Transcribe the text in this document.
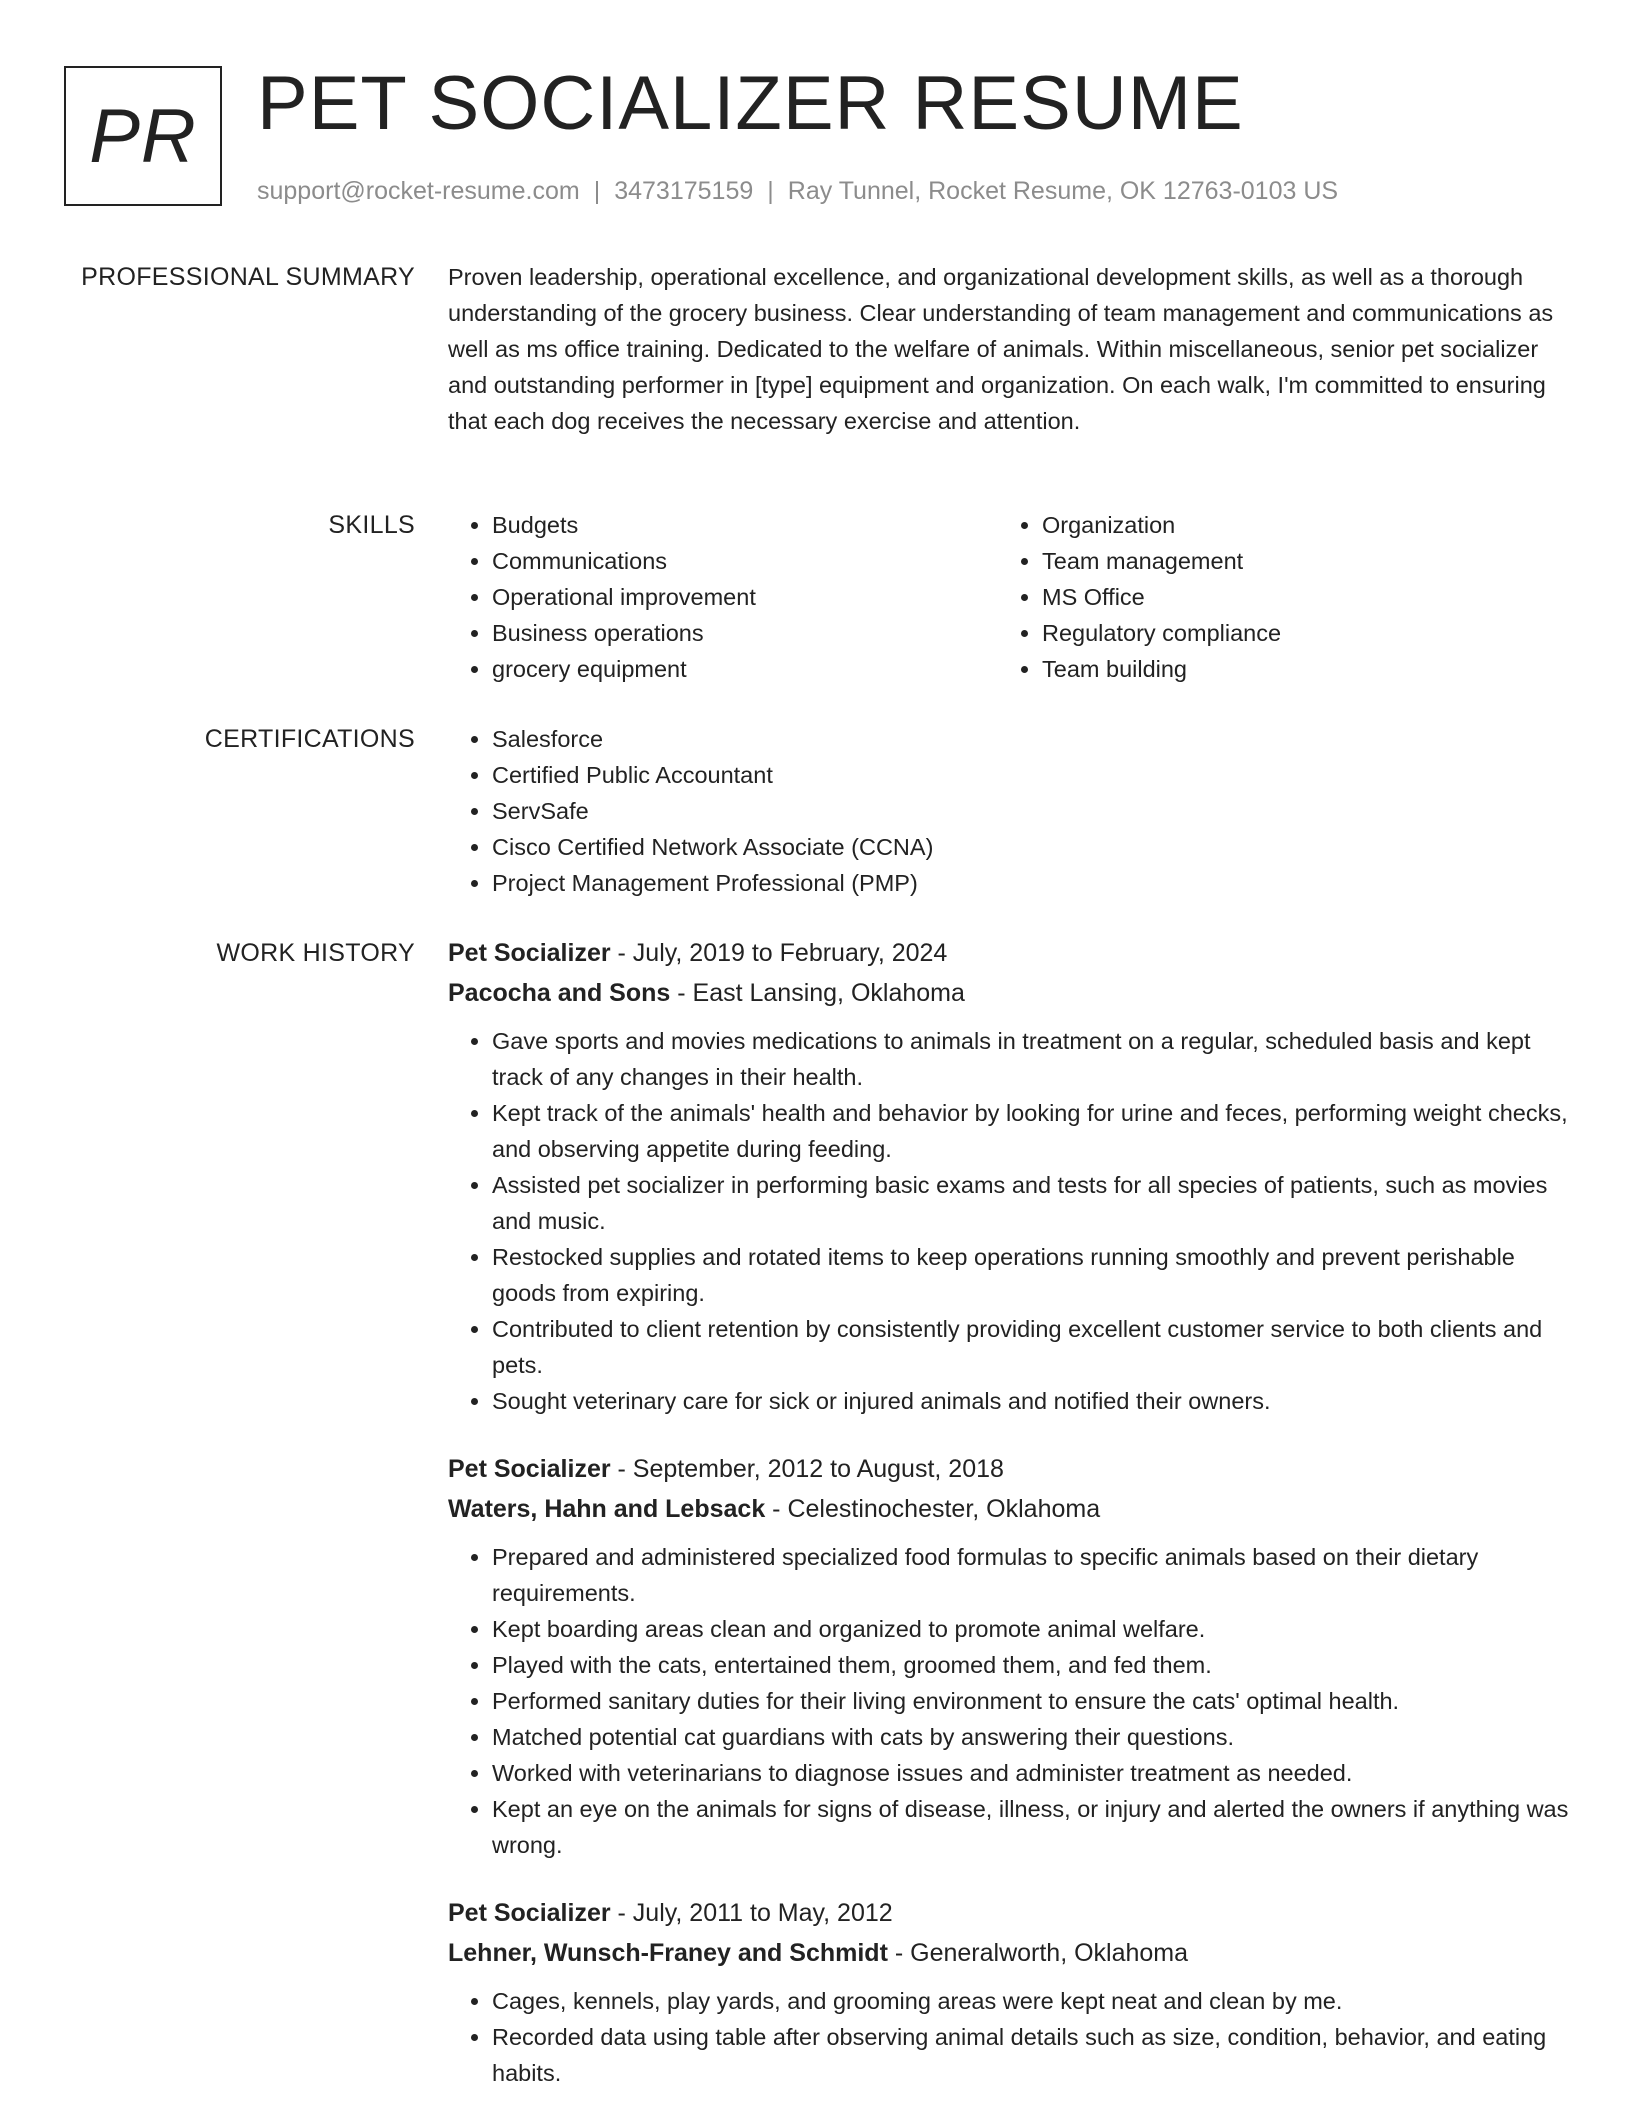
PR PET SOCIALIZER RESUME
support@rocket-resume.com | 3473175159 | Ray Tunnel, Rocket Resume, OK 12763-0103 US
PROFESSIONAL SUMMARY Proven leadership, operational excellence, and organizational development skills, as well as a thorough understanding of the grocery business. Clear understanding of team management and communications as well as ms office training. Dedicated to the welfare of animals. Within miscellaneous, senior pet socializer and outstanding performer in [type] equipment and organization. On each walk, I'm committed to ensuring that each dog receives the necessary exercise and attention.

SKILLS	• Budgets
• Communications
• Operational improvement
• Business operations
• grocery equipment
• Organization
• Team management
• MS Office
• Regulatory compliance
• Team building
CERTIFICATIONS	• Salesforce
• Certified Public Accountant
• ServSafe
• Cisco Certified Network Associate (CCNA)
• Project Management Professional (PMP)
WORK HISTORY Pet Socializer - July, 2019 to February, 2024
Pacocha and Sons - East Lansing, Oklahoma
• Gave sports and movies medications to animals in treatment on a regular, scheduled basis and kept track of any changes in their health.
• Kept track of the animals' health and behavior by looking for urine and feces, performing weight checks, and observing appetite during feeding.
• Assisted pet socializer in performing basic exams and tests for all species of patients, such as movies and music.
• Restocked supplies and rotated items to keep operations running smoothly and prevent perishable goods from expiring.
• Contributed to client retention by consistently providing excellent customer service to both clients and pets.
• Sought veterinary care for sick or injured animals and notified their owners.
Pet Socializer - September, 2012 to August, 2018
Waters, Hahn and Lebsack - Celestinochester, Oklahoma
• Prepared and administered specialized food formulas to specific animals based on their dietary requirements.
• Kept boarding areas clean and organized to promote animal welfare.
• Played with the cats, entertained them, groomed them, and fed them.
• Performed sanitary duties for their living environment to ensure the cats' optimal health.
• Matched potential cat guardians with cats by answering their questions.
• Worked with veterinarians to diagnose issues and administer treatment as needed.
• Kept an eye on the animals for signs of disease, illness, or injury and alerted the owners if anything was wrong.
Pet Socializer - July, 2011 to May, 2012
Lehner, Wunsch-Franey and Schmidt - Generalworth, Oklahoma
• Cages, kennels, play yards, and grooming areas were kept neat and clean by me.
• Recorded data using table after observing animal details such as size, condition, behavior, and eating habits.
